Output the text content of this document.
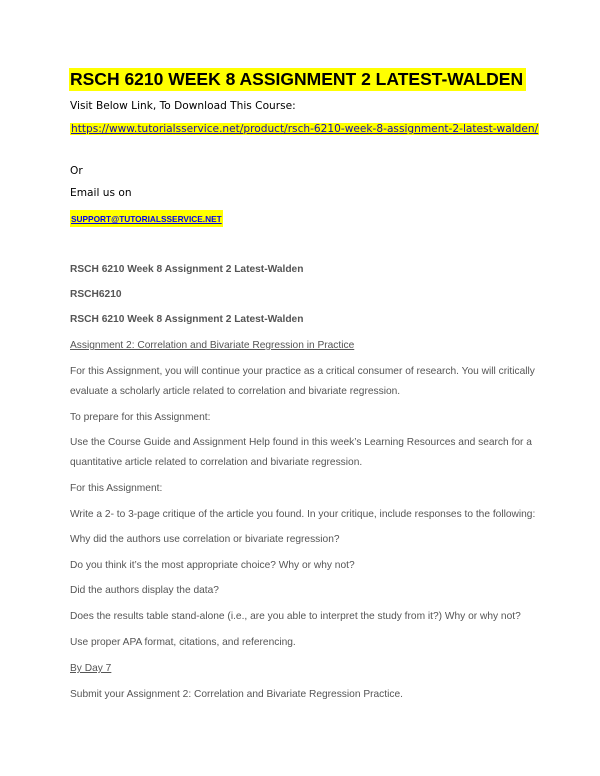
RSCH 6210 WEEK 8 ASSIGNMENT 2 LATEST-WALDEN
Visit Below Link, To Download This Course:
https://www.tutorialsservice.net/product/rsch-6210-week-8-assignment-2-latest-walden/
Or
Email us on
SUPPORT@TUTORIALSSERVICE.NET
RSCH 6210 Week 8 Assignment 2 Latest-Walden
RSCH6210
RSCH 6210 Week 8 Assignment 2 Latest-Walden
Assignment 2: Correlation and Bivariate Regression in Practice
For this Assignment, you will continue your practice as a critical consumer of research. You will critically
evaluate a scholarly article related to correlation and bivariate regression.
To prepare for this Assignment:
Use the Course Guide and Assignment Help found in this week’s Learning Resources and search for a
quantitative article related to correlation and bivariate regression.
For this Assignment:
Write a 2- to 3-page critique of the article you found. In your critique, include responses to the following:
Why did the authors use correlation or bivariate regression?
Do you think it’s the most appropriate choice? Why or why not?
Did the authors display the data?
Does the results table stand-alone (i.e., are you able to interpret the study from it?) Why or why not?
Use proper APA format, citations, and referencing.
By Day 7
Submit your Assignment 2: Correlation and Bivariate Regression Practice.
